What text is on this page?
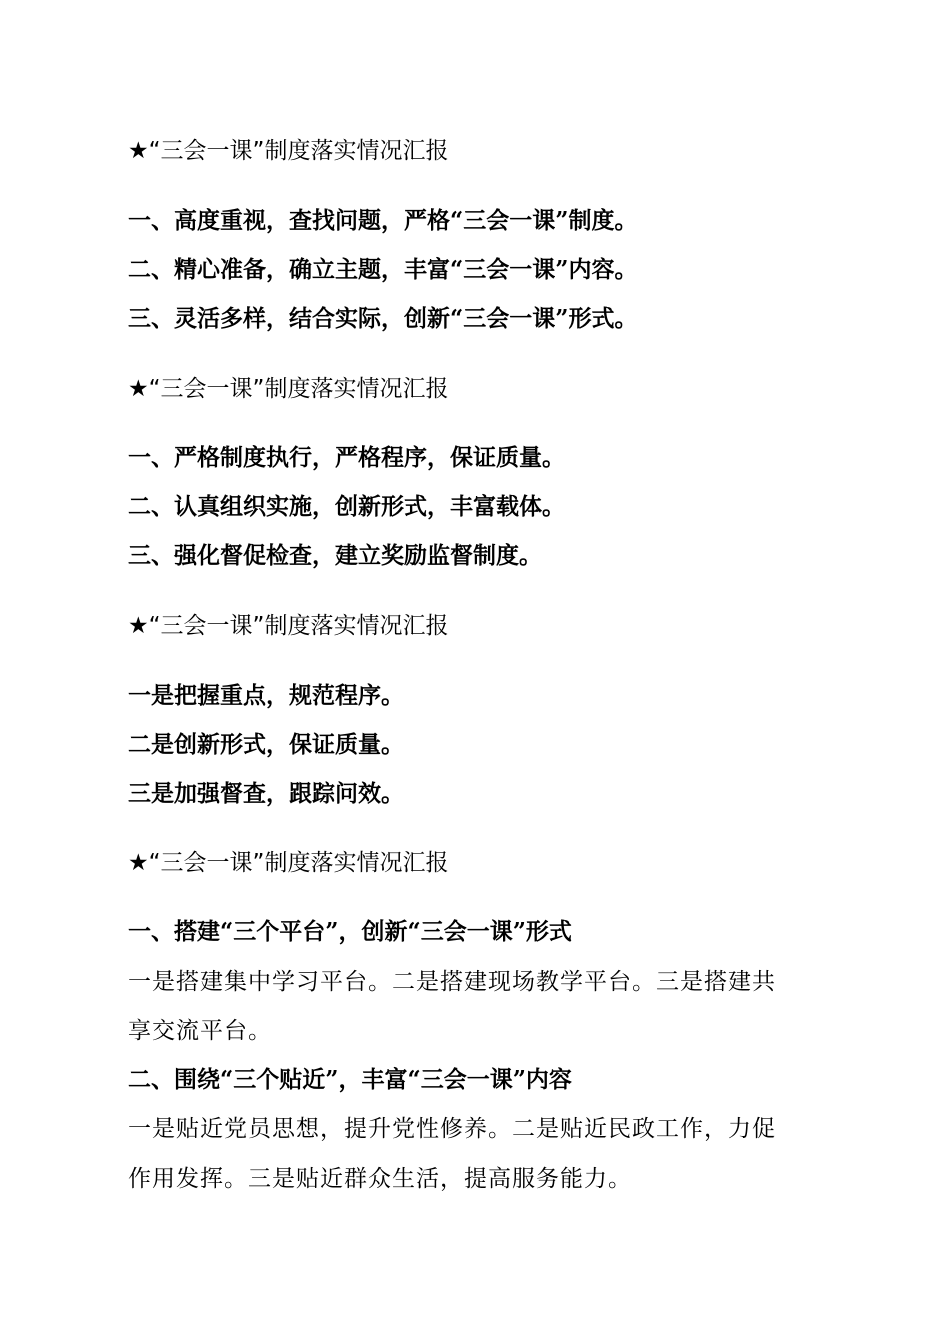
★“三会一课”制度落实情况汇报
一、高度重视，查找问题，严格“三会一课”制度。
二、精心准备，确立主题，丰富“三会一课”内容。
三、灵活多样，结合实际，创新“三会一课”形式。
★“三会一课”制度落实情况汇报
一、严格制度执行，严格程序，保证质量。
二、认真组织实施，创新形式，丰富载体。
三、强化督促检查，建立奖励监督制度。
★“三会一课”制度落实情况汇报
一是把握重点，规范程序。
二是创新形式，保证质量。
三是加强督查，跟踪问效。
★“三会一课”制度落实情况汇报
一、搭建“三个平台”，创新“三会一课”形式
一是搭建集中学习平台。二是搭建现场教学平台。三是搭建共
享交流平台。
二、围绕“三个贴近”，丰富“三会一课”内容
一是贴近党员思想，提升党性修养。二是贴近民政工作，力促
作用发挥。三是贴近群众生活，提高服务能力。
